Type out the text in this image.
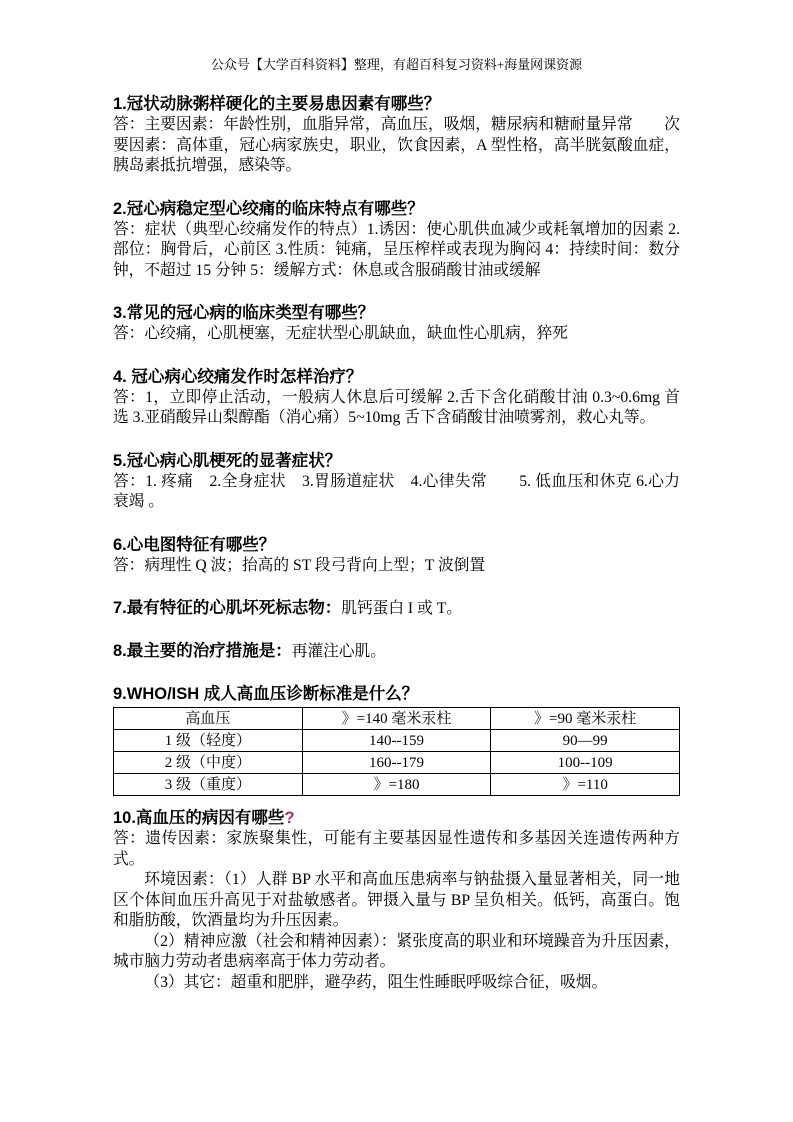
公众号【大学百科资料】整理，有超百科复习资料+海量网课资源
1.冠状动脉粥样硬化的主要易患因素有哪些？
答：主要因素：年龄性别，血脂异常，高血压，吸烟，糖尿病和糖耐量异常　　次要因素：高体重，冠心病家族史，职业，饮食因素，A 型性格，高半胱氨酸血症，胰岛素抵抗增强，感染等。
2.冠心病稳定型心绞痛的临床特点有哪些？
答：症状（典型心绞痛发作的特点）1.诱因：使心肌供血减少或耗氧增加的因素 2.部位：胸骨后，心前区 3.性质：钝痛，呈压榨样或表现为胸闷 4：持续时间：数分钟，不超过 15 分钟 5：缓解方式：休息或含服硝酸甘油或缓解
3.常见的冠心病的临床类型有哪些？
答：心绞痛，心肌梗塞，无症状型心肌缺血，缺血性心肌病，猝死
4. 冠心病心绞痛发作时怎样治疗？
答：1，立即停止活动，一般病人休息后可缓解 2.舌下含化硝酸甘油 0.3~0.6mg 首选 3.亚硝酸异山梨醇酯（消心痛）5~10mg 舌下含硝酸甘油喷雾剂，救心丸等。
5.冠心病心肌梗死的显著症状？
答：1. 疼痛　2.全身症状　3.胃肠道症状　4.心律失常　　5. 低血压和休克 6.心力衰竭 。
6.心电图特征有哪些？
答：病理性 Q 波；抬高的 ST 段弓背向上型；T 波倒置
7.最有特征的心肌坏死标志物：肌钙蛋白 I 或 T。
8.最主要的治疗措施是：再灌注心肌。
9.WHO/ISH 成人高血压诊断标准是什么？
高血压	》=140 毫米汞柱	》=90 毫米汞柱
1 级（轻度）	140--159	90—99
2 级（中度）	160--179	100--109
3 级（重度）	》=180	》=110
10.高血压的病因有哪些?
答：遗传因素：家族聚集性，可能有主要基因显性遗传和多基因关连遗传两种方式。
环境因素：（1）人群 BP 水平和高血压患病率与钠盐摄入量显著相关，同一地区个体间血压升高见于对盐敏感者。钾摄入量与 BP 呈负相关。低钙，高蛋白。饱和脂肪酸，饮酒量均为升压因素。
（2）精神应激（社会和精神因素）：紧张度高的职业和环境躁音为升压因素，城市脑力劳动者患病率高于体力劳动者。
（3）其它：超重和肥胖，避孕药，阻生性睡眠呼吸综合征，吸烟。
